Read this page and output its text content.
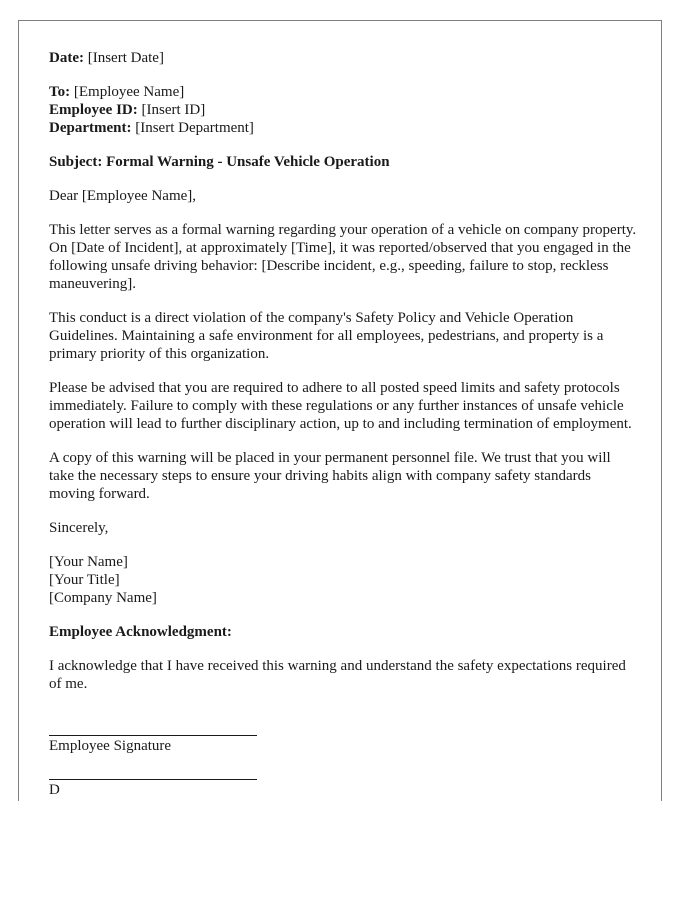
Date: [Insert Date]

To: [Employee Name]

Employee ID: [Insert ID]

Department: [Insert Department]

Subject: Formal Warning - Unsafe Vehicle Operation

Dear [Employee Name],

This letter serves as a formal warning regarding your operation of a vehicle on company property. On [Date of Incident], at approximately [Time], it was reported/observed that you engaged in the following unsafe driving behavior: [Describe incident, e.g., speeding, failure to stop, reckless maneuvering].

This conduct is a direct violation of the company's Safety Policy and Vehicle Operation Guidelines. Maintaining a safe environment for all employees, pedestrians, and property is a primary priority of this organization.

Please be advised that you are required to adhere to all posted speed limits and safety protocols immediately. Failure to comply with these regulations or any further instances of unsafe vehicle operation will lead to further disciplinary action, up to and including termination of employment.

A copy of this warning will be placed in your permanent personnel file. We trust that you will take the necessary steps to ensure your driving habits align with company safety standards moving forward.

Sincerely,

[Your Name]

[Your Title]

[Company Name]

Employee Acknowledgment:

I acknowledge that I have received this warning and understand the safety expectations required of me.

Employee Signature

D
